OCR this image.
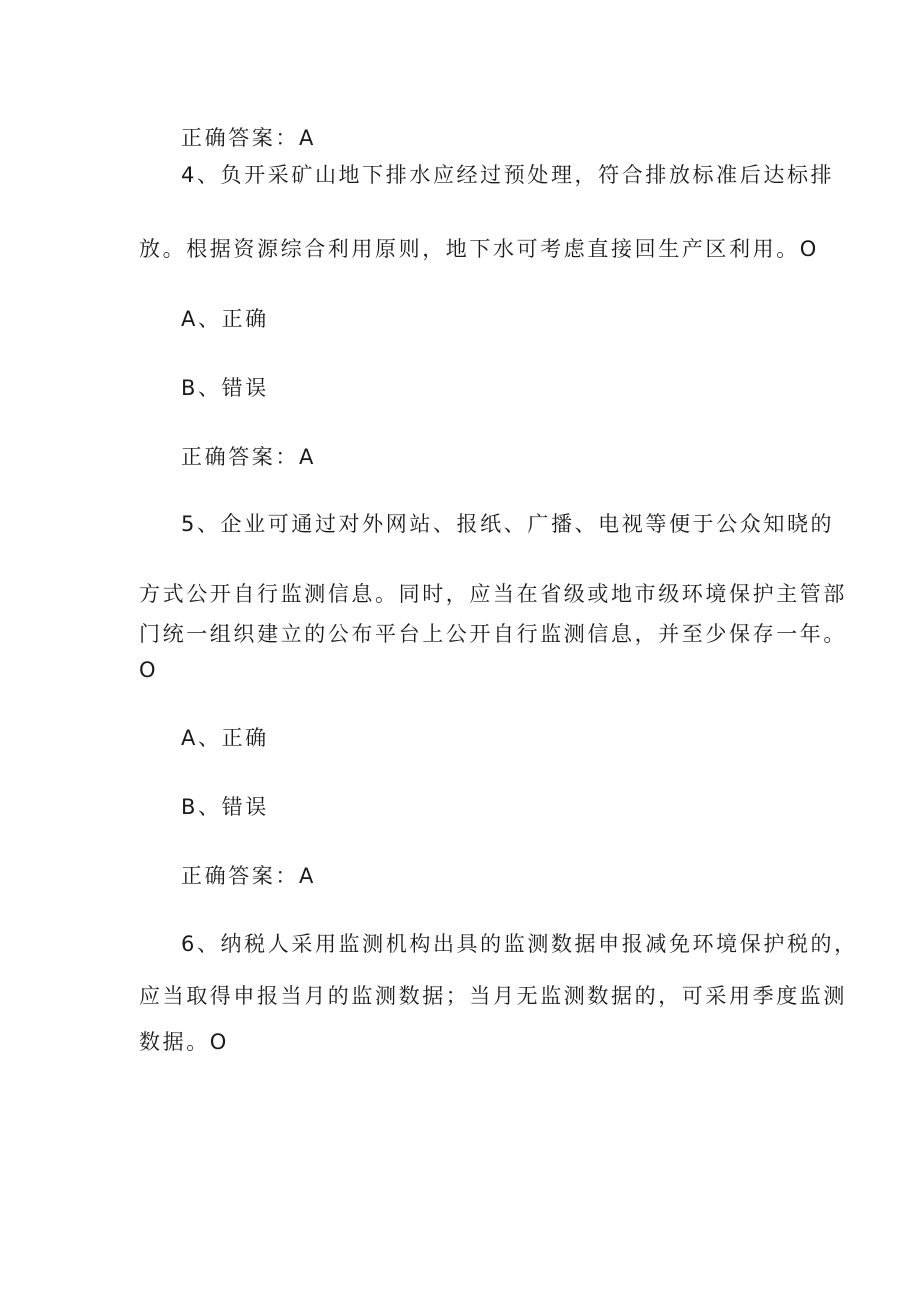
正确答案：A
4、负开采矿山地下排水应经过预处理，符合排放标准后达标排
放。根据资源综合利用原则，地下水可考虑直接回生产区利用。O
A、正确
B、错误
正确答案：A
5、企业可通过对外网站、报纸、广播、电视等便于公众知晓的
方式公开自行监测信息。同时，应当在省级或地市级环境保护主管部
门统一组织建立的公布平台上公开自行监测信息，并至少保存一年。
O
A、正确
B、错误
正确答案：A
6、纳税人采用监测机构出具的监测数据申报减免环境保护税的，
应当取得申报当月的监测数据；当月无监测数据的，可采用季度监测
数据。O
